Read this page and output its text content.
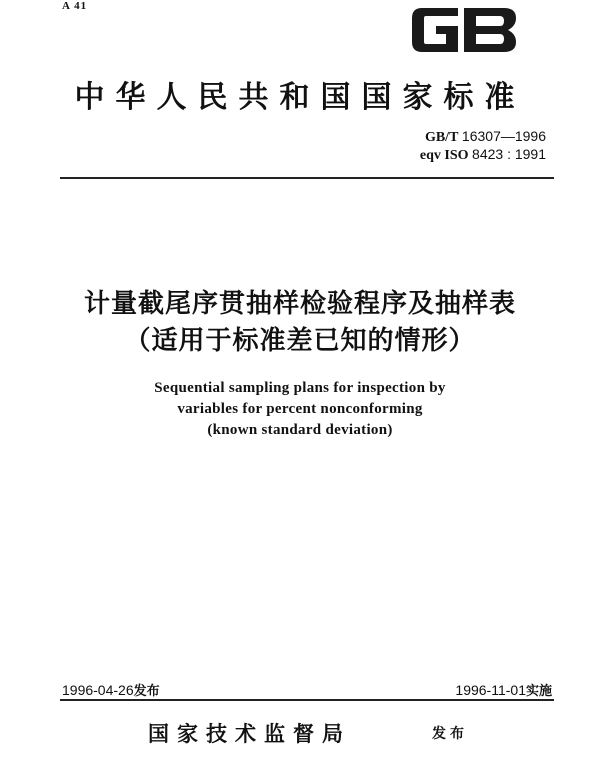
A 41
中华人民共和国国家标准
GB/T 16307—1996
eqv ISO 8423 : 1991
计量截尾序贯抽样检验程序及抽样表
（适用于标准差已知的情形）
Sequential sampling plans for inspection by
variables for percent nonconforming
(known standard deviation)
1996-04-26发布	1996-11-01实施
国家技术监督局	发布
